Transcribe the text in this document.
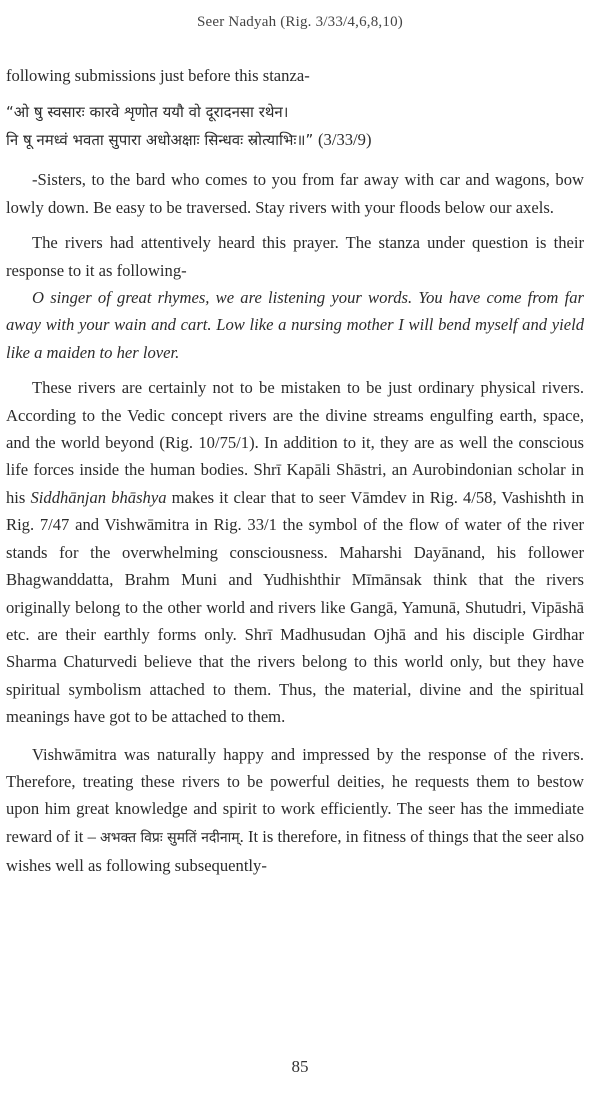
Seer Nadyah (Rig. 3/33/4,6,8,10)

following submissions just before this stanza-

“ओ षु स्वसारः कारवे शृणोत ययौ वो दूरादनसा रथेन।
नि षू नमध्वं भवता सुपारा अधोअक्षाः सिन्धवः स्रोत्याभिः॥” (3/33/9)

-Sisters, to the bard who comes to you from far away with car and wagons, bow lowly down. Be easy to be traversed. Stay rivers with your floods below our axels.

The rivers had attentively heard this prayer. The stanza under question is their response to it as following-

O singer of great rhymes, we are listening your words. You have come from far away with your wain and cart. Low like a nursing mother I will bend myself and yield like a maiden to her lover.

These rivers are certainly not to be mistaken to be just ordinary physical rivers. According to the Vedic concept rivers are the divine streams engulfing earth, space, and the world beyond (Rig. 10/75/1). In addition to it, they are as well the conscious life forces inside the human bodies. Shrī Kapāli Shāstri, an Aurobindonian scholar in his Siddhānjan bhāshya makes it clear that to seer Vāmdev in Rig. 4/58, Vashishth in Rig. 7/47 and Vishwāmitra in Rig. 33/1 the symbol of the flow of water of the river stands for the overwhelming consciousness. Maharshi Dayānand, his follower Bhagwanddatta, Brahm Muni and Yudhishthir Mīmānsak think that the rivers originally belong to the other world and rivers like Gangā, Yamunā, Shutudri, Vipāshā etc. are their earthly forms only. Shrī Madhusudan Ojhā and his disciple Girdhar Sharma Chaturvedi believe that the rivers belong to this world only, but they have spiritual symbolism attached to them. Thus, the material, divine and the spiritual meanings have got to be attached to them.

Vishwāmitra was naturally happy and impressed by the response of the rivers. Therefore, treating these rivers to be powerful deities, he requests them to bestow upon him great knowledge and spirit to work efficiently. The seer has the immediate reward of it – अभक्त विप्रः सुमतिं नदीनाम्. It is therefore, in fitness of things that the seer also wishes well as following subsequently-

85
